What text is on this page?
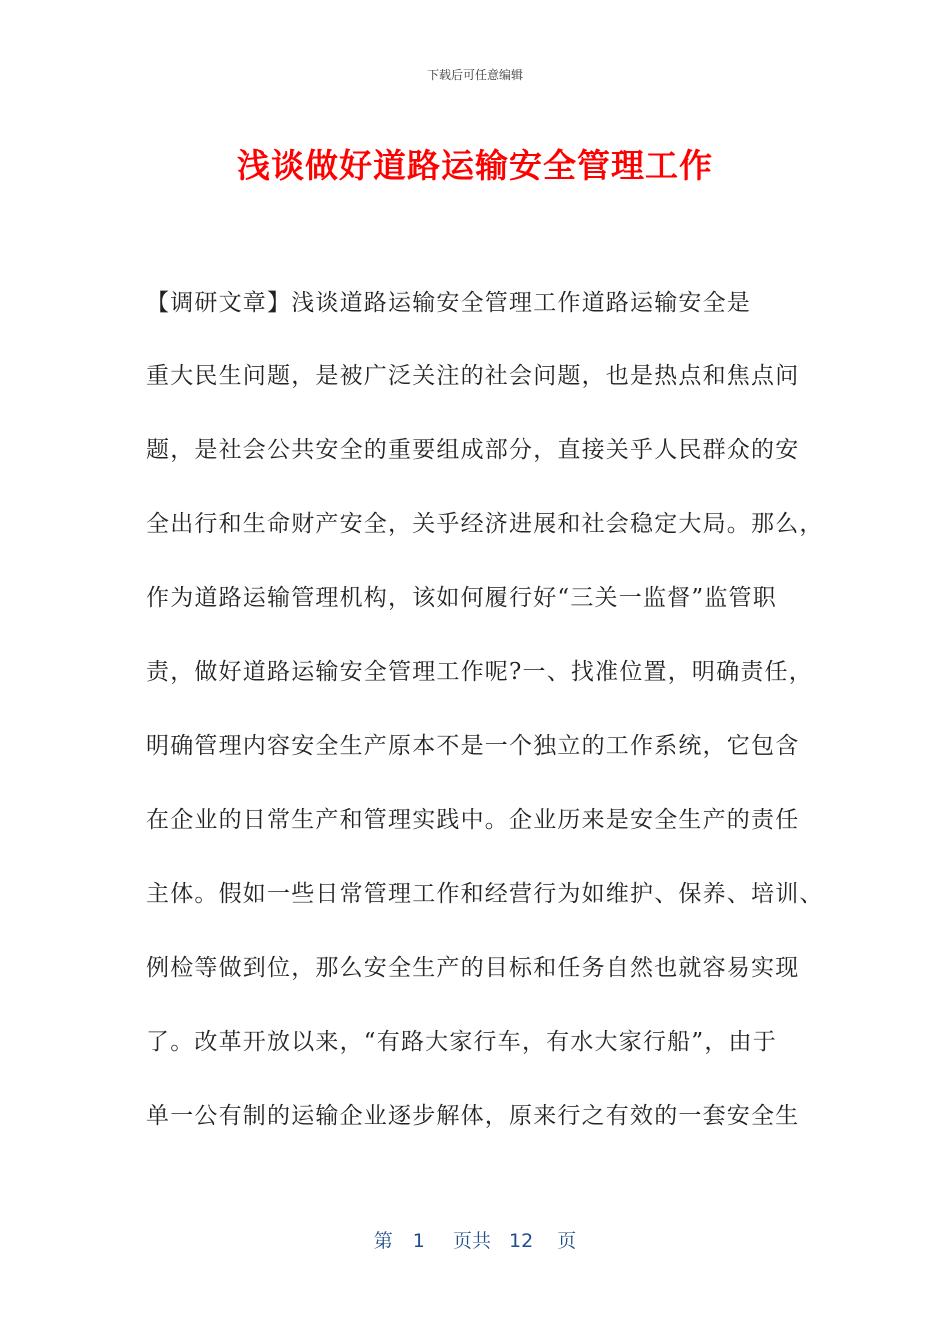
下载后可任意编辑
浅谈做好道路运输安全管理工作
【调研文章】浅谈道路运输安全管理工作道路运输安全是
重大民生问题，是被广泛关注的社会问题，也是热点和焦点问
题，是社会公共安全的重要组成部分，直接关乎人民群众的安
全出行和生命财产安全，关乎经济进展和社会稳定大局。那么，
作为道路运输管理机构，该如何履行好“三关一监督”监管职
责，做好道路运输安全管理工作呢?一、找准位置，明确责任，
明确管理内容安全生产原本不是一个独立的工作系统，它包含
在企业的日常生产和管理实践中。企业历来是安全生产的责任
主体。假如一些日常管理工作和经营行为如维护、保养、培训、
例检等做到位，那么安全生产的目标和任务自然也就容易实现
了。改革开放以来，“有路大家行车，有水大家行船”，由于
单一公有制的运输企业逐步解体，原来行之有效的一套安全生
第 1 页共 12 页
